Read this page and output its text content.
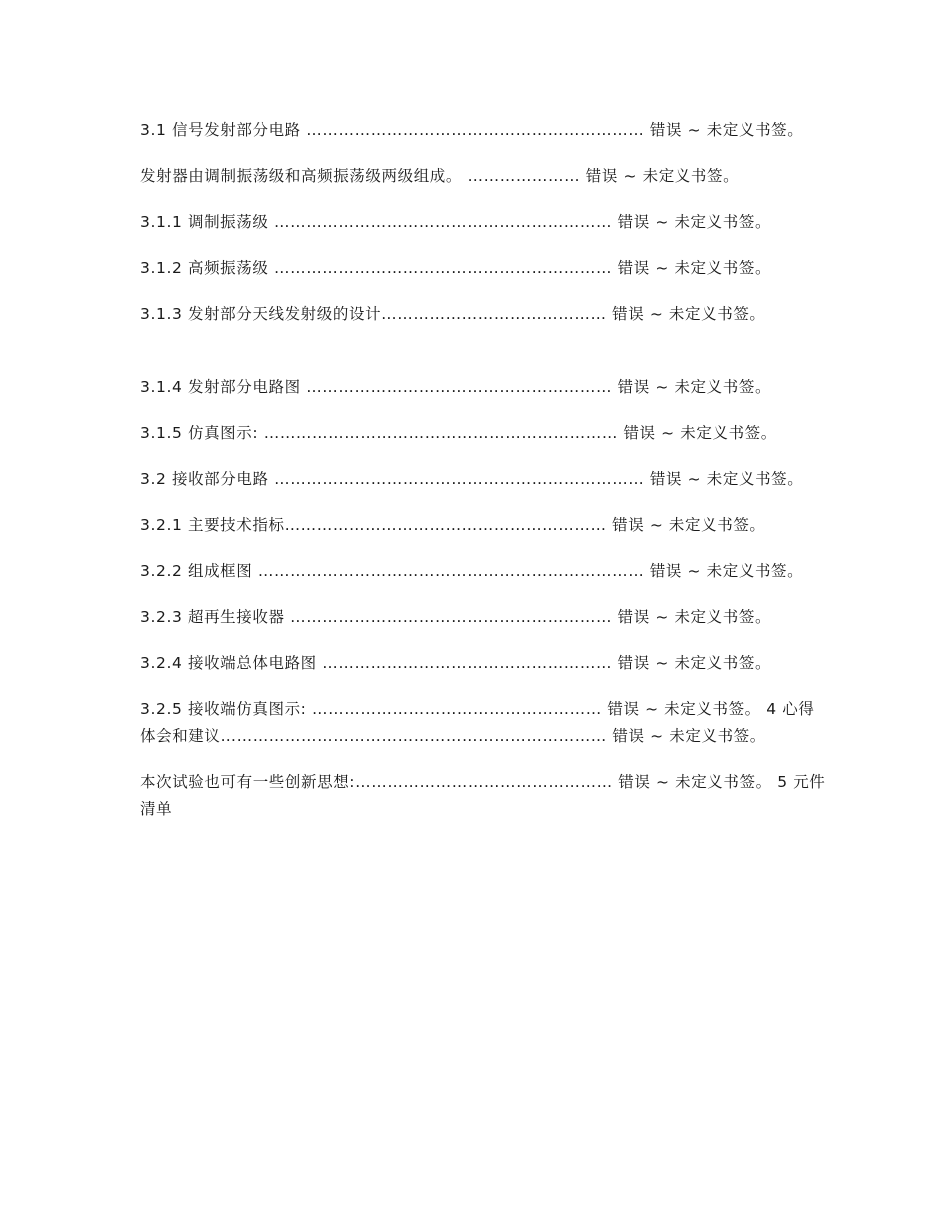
3.1 信号发射部分电路 ……………………………………………………… 错误 ~ 未定义书签。

发射器由调制振荡级和高频振荡级两级组成。 ………………… 错误 ~ 未定义书签。

3.1.1 调制振荡级 ……………………………………………………… 错误 ~ 未定义书签。

3.1.2 高频振荡级 ……………………………………………………… 错误 ~ 未定义书签。

3.1.3 发射部分天线发射级的设计…………………………………… 错误 ~ 未定义书签。

3.1.4 发射部分电路图 ………………………………………………… 错误 ~ 未定义书签。

3.1.5 仿真图示: ………………………………………………………… 错误 ~ 未定义书签。

3.2 接收部分电路 …………………………………………………………… 错误 ~ 未定义书签。

3.2.1 主要技术指标…………………………………………………… 错误 ~ 未定义书签。

3.2.2 组成框图 ……………………………………………………………… 错误 ~ 未定义书签。

3.2.3 超再生接收器 …………………………………………………… 错误 ~ 未定义书签。

3.2.4 接收端总体电路图 ……………………………………………… 错误 ~ 未定义书签。

3.2.5 接收端仿真图示: ……………………………………………… 错误 ~ 未定义书签。 4 心得体会和建议……………………………………………………………… 错误 ~ 未定义书签。

本次试验也可有一些创新思想:………………………………………… 错误 ~ 未定义书签。 5 元件清单
